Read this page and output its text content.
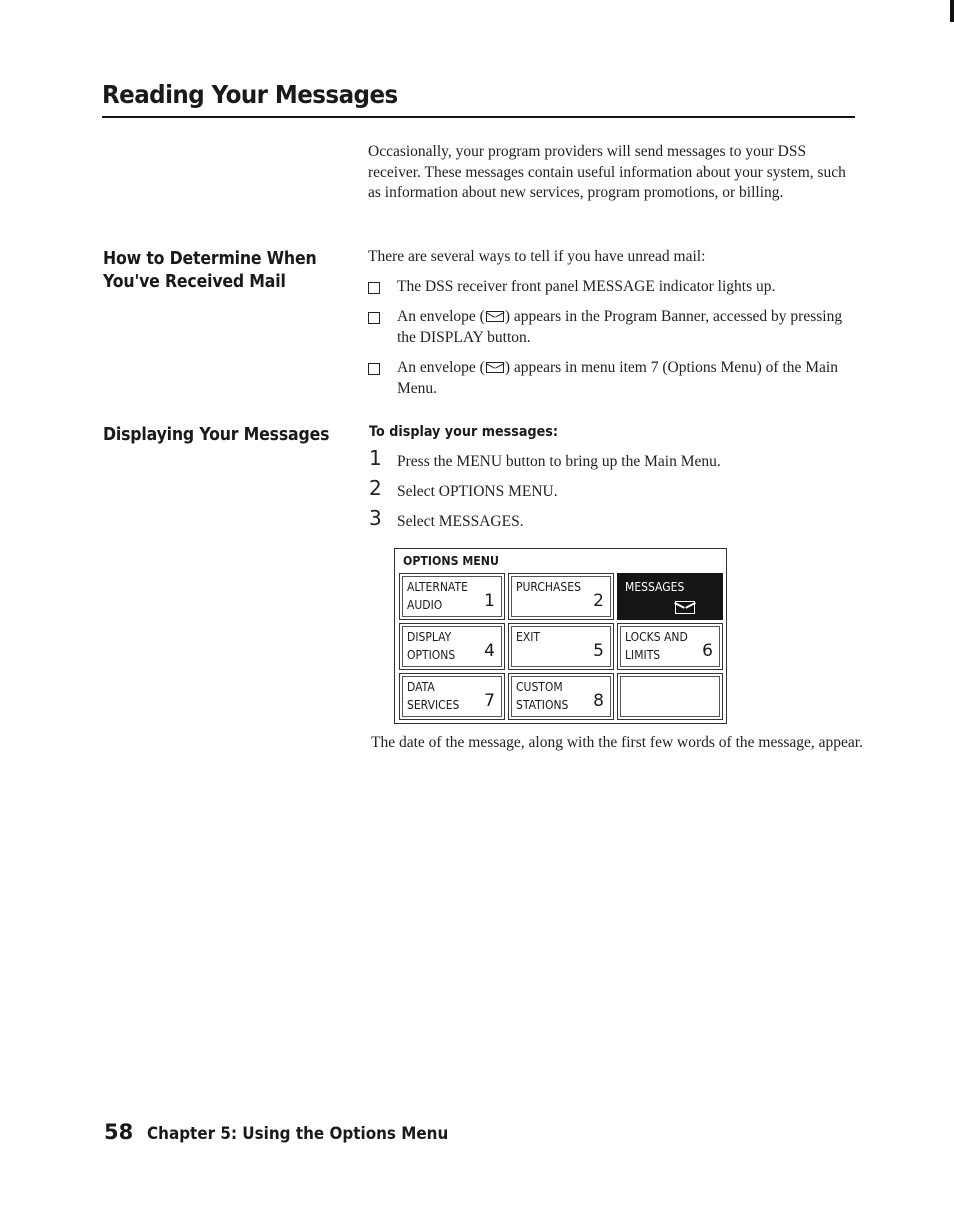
Reading Your Messages

Occasionally, your program providers will send messages to your DSS receiver. These messages contain useful information about your system, such as information about new services, program promotions, or billing.

How to Determine When You've Received Mail

There are several ways to tell if you have unread mail:

The DSS receiver front panel MESSAGE indicator lights up.
An envelope ( ) appears in the Program Banner, accessed by pressing the DISPLAY button.
An envelope ( ) appears in menu item 7 (Options Menu) of the Main Menu.
Displaying Your Messages	To display your messages:
1 Press the MENU button to bring up the Main Menu.
2 Select OPTIONS MENU.
3 Select MESSAGES.
OPTIONS MENU
ALTERNATE
AUDIO 1
PURCHASES
2
MESSAGES
DISPLAY
OPTIONS 4
EXIT
5
LOCKS AND
LIMITS 6
DATA
SERVICES 7
CUSTOM
STATIONS 8

The date of the message, along with the first few words of the message, appear.

58 Chapter 5: Using the Options Menu
